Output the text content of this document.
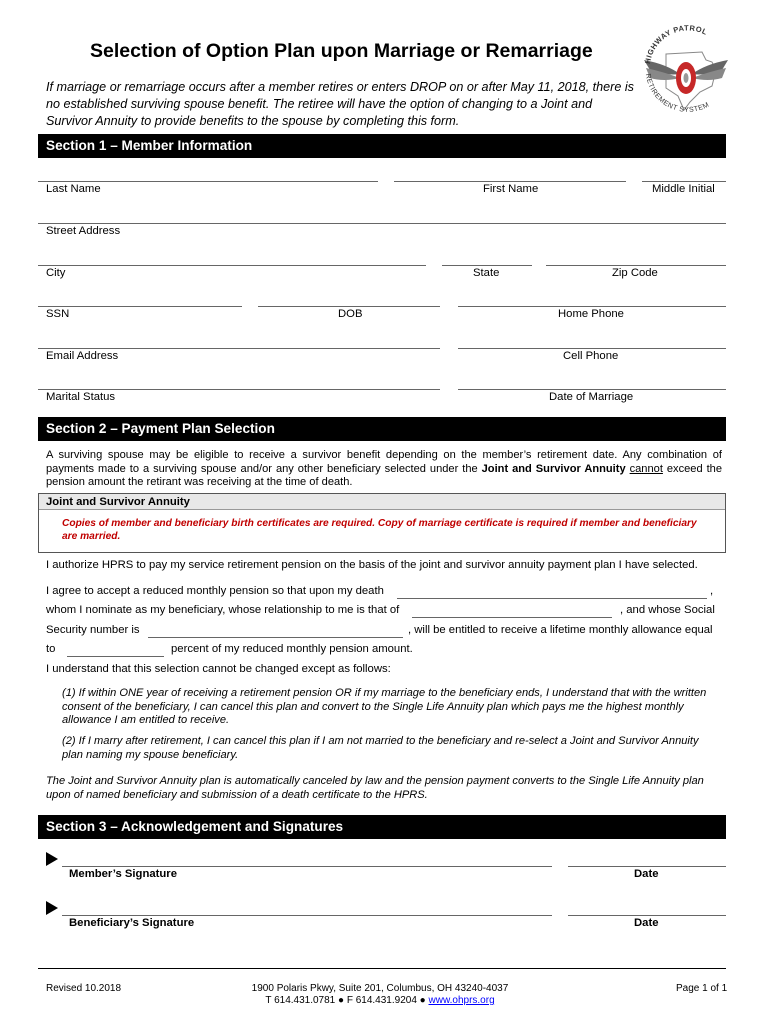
Selection of Option Plan upon Marriage or Remarriage
If marriage or remarriage occurs after a member retires or enters DROP on or after May 11, 2018, there is no established surviving spouse benefit. The retiree will have the option of changing to a Joint and Survivor Annuity to provide benefits to the spouse by completing this form.
HIGHWAY PATROL
RETIREMENT SYSTEM
Section 1 – Member Information
Last Name	First Name	Middle Initial
Street Address
City	State	Zip Code
SSN	DOB	Home Phone
Email Address	Cell Phone
Marital Status	Date of Marriage
Section 2 – Payment Plan Selection
A surviving spouse may be eligible to receive a survivor benefit depending on the member’s retirement date. Any combination of payments made to a surviving spouse and/or any other beneficiary selected under the Joint and Survivor Annuity cannot exceed the pension amount the retirant was receiving at the time of death.
Joint and Survivor Annuity
Copies of member and beneficiary birth certificates are required. Copy of marriage certificate is required if member and beneficiary are married.
I authorize HPRS to pay my service retirement pension on the basis of the joint and survivor annuity payment plan I have selected.
I agree to accept a reduced monthly pension so that upon my death	,
whom I nominate as my beneficiary, whose relationship to me is that of	, and whose Social
Security number is	, will be entitled to receive a lifetime monthly allowance equal
to	percent of my reduced monthly pension amount.
I understand that this selection cannot be changed except as follows:
(1) If within ONE year of receiving a retirement pension OR if my marriage to the beneficiary ends, I understand that with the written consent of the beneficiary, I can cancel this plan and convert to the Single Life Annuity plan which pays me the highest monthly allowance I am entitled to receive.
(2) If I marry after retirement, I can cancel this plan if I am not married to the beneficiary and re-select a Joint and Survivor Annuity plan naming my spouse beneficiary.
The Joint and Survivor Annuity plan is automatically canceled by law and the pension payment converts to the Single Life Annuity plan upon of named beneficiary and submission of a death certificate to the HPRS.
Section 3 – Acknowledgement and Signatures
Member’s Signature	Date
Beneficiary’s Signature	Date
Revised 10.2018	1900 Polaris Pkwy, Suite 201, Columbus, OH 43240-4037
T 614.431.0781 ● F 614.431.9204 ● www.ohprs.org
Page 1 of 1
